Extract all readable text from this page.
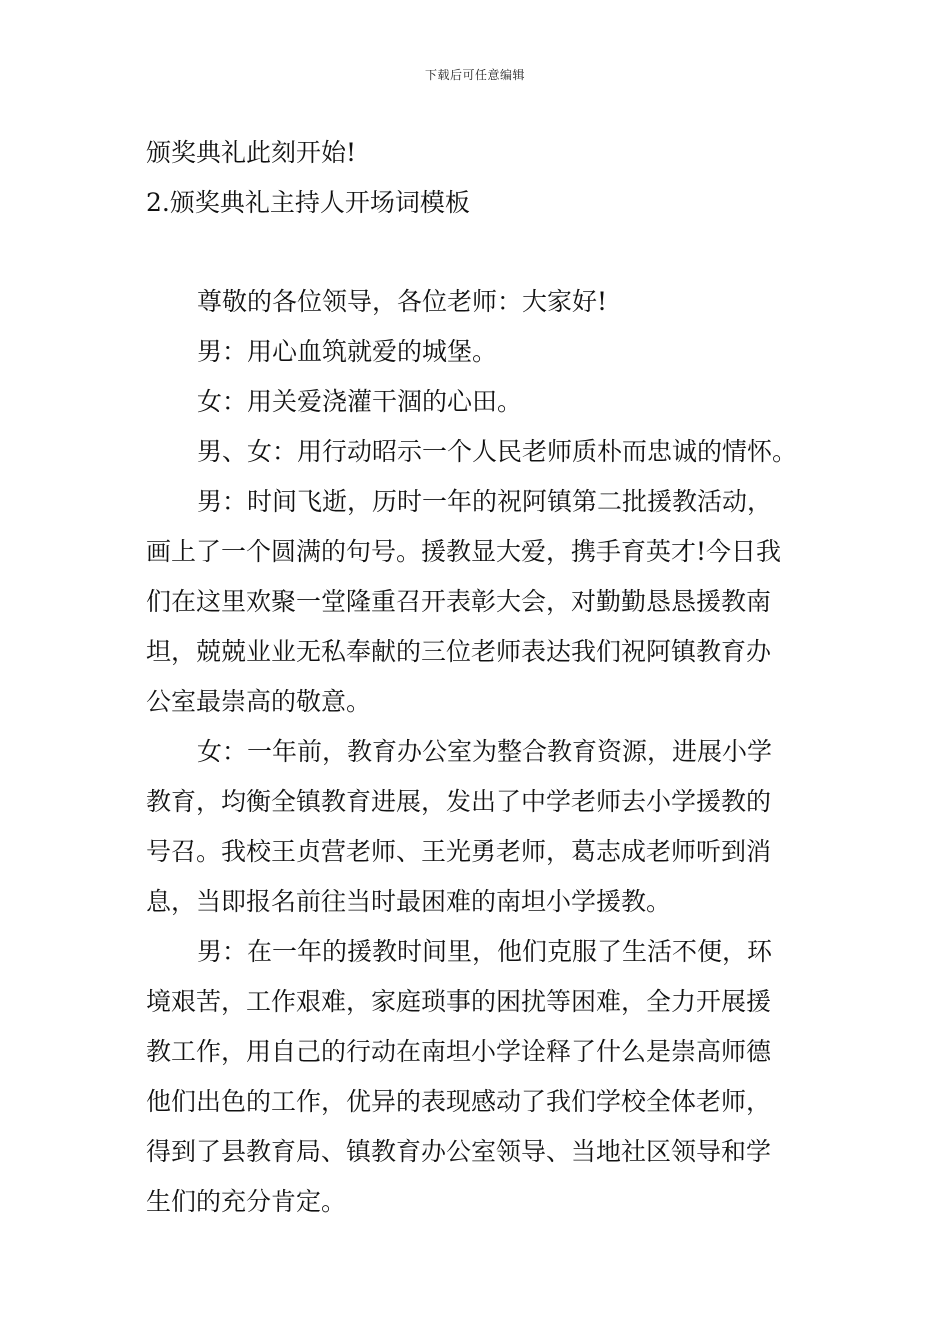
下载后可任意编辑
颁奖典礼此刻开始!
2.颁奖典礼主持人开场词模板
尊敬的各位领导，各位老师：大家好!
男：用心血筑就爱的城堡。
女：用关爱浇灌干涸的心田。
男、女：用行动昭示一个人民老师质朴而忠诚的情怀。
男：时间飞逝，历时一年的祝阿镇第二批援教活动，
画上了一个圆满的句号。援教显大爱，携手育英才!今日我
们在这里欢聚一堂隆重召开表彰大会，对勤勤恳恳援教南
坦，兢兢业业无私奉献的三位老师表达我们祝阿镇教育办
公室最崇高的敬意。
女：一年前，教育办公室为整合教育资源，进展小学
教育，均衡全镇教育进展，发出了中学老师去小学援教的
号召。我校王贞营老师、王光勇老师，葛志成老师听到消
息，当即报名前往当时最困难的南坦小学援教。
男：在一年的援教时间里，他们克服了生活不便，环
境艰苦，工作艰难，家庭琐事的困扰等困难，全力开展援
教工作，用自己的行动在南坦小学诠释了什么是崇高师德
他们出色的工作，优异的表现感动了我们学校全体老师，
得到了县教育局、镇教育办公室领导、当地社区领导和学
生们的充分肯定。
